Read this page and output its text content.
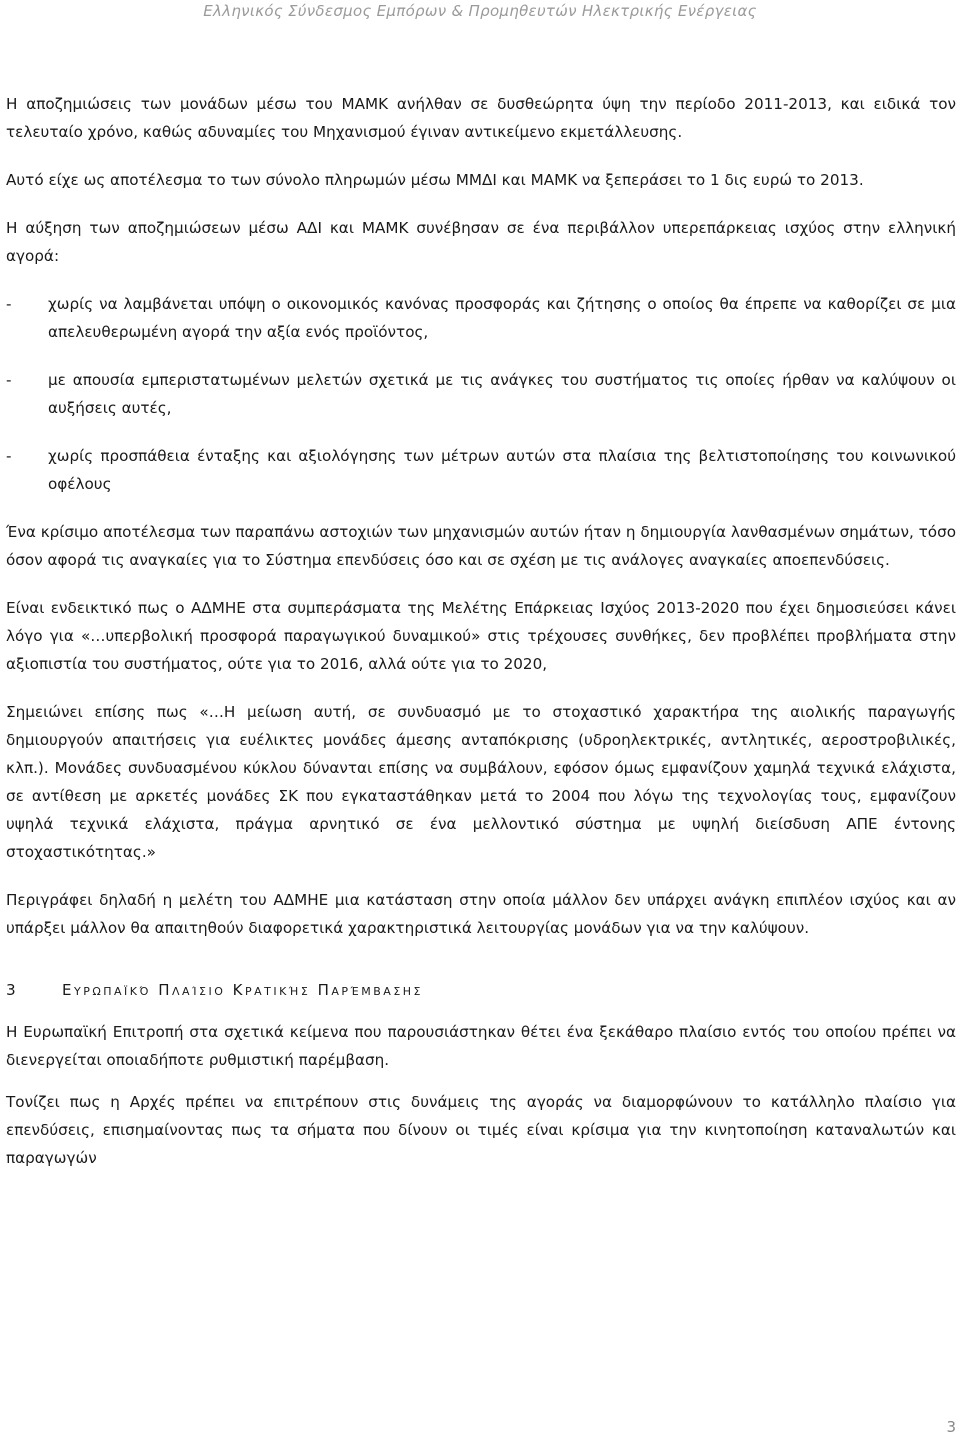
Ελληνικός Σύνδεσμος Εμπόρων & Προμηθευτών Ηλεκτρικής Ενέργειας

Η αποζημιώσεις των μονάδων μέσω του ΜΑΜΚ ανήλθαν σε δυσθεώρητα ύψη την περίοδο 2011-2013, και ειδικά τον τελευταίο χρόνο, καθώς αδυναμίες του Μηχανισμού έγιναν αντικείμενο εκμετάλλευσης.

Αυτό είχε ως αποτέλεσμα το των σύνολο πληρωμών μέσω ΜΜΔΙ και ΜΑΜΚ να ξεπεράσει το 1 δις ευρώ το 2013.

Η αύξηση των αποζημιώσεων μέσω ΑΔΙ και ΜΑΜΚ συνέβησαν σε ένα περιβάλλον υπερεπάρκειας ισχύος στην ελληνική αγορά:

-	χωρίς να λαμβάνεται υπόψη ο οικονομικός κανόνας προσφοράς και ζήτησης ο οποίος θα έπρεπε να καθορίζει σε μια απελευθερωμένη αγορά την αξία ενός προϊόντος,
-	με απουσία εμπεριστατωμένων μελετών σχετικά με τις ανάγκες του συστήματος τις οποίες ήρθαν να καλύψουν οι αυξήσεις αυτές,
-	χωρίς προσπάθεια ένταξης και αξιολόγησης των μέτρων αυτών στα πλαίσια της βελτιστοποίησης του κοινωνικού οφέλους

Ένα κρίσιμο αποτέλεσμα των παραπάνω αστοχιών των μηχανισμών αυτών ήταν η δημιουργία λανθασμένων σημάτων, τόσο όσον αφορά τις αναγκαίες για το Σύστημα επενδύσεις όσο και σε σχέση με τις ανάλογες αναγκαίες αποεπενδύσεις.

Είναι ενδεικτικό πως ο ΑΔΜΗΕ στα συμπεράσματα της Μελέτης Επάρκειας Ισχύος 2013-2020 που έχει δημοσιεύσει κάνει λόγο για «…υπερβολική προσφορά παραγωγικού δυναμικού» στις τρέχουσες συνθήκες, δεν προβλέπει προβλήματα στην αξιοπιστία του συστήματος, ούτε για το 2016, αλλά ούτε για το 2020,

Σημειώνει επίσης πως «…Η μείωση αυτή, σε συνδυασμό με το στοχαστικό χαρακτήρα της αιολικής παραγωγής δημιουργούν απαιτήσεις για ευέλικτες μονάδες άμεσης ανταπόκρισης (υδροηλεκτρικές, αντλητικές, αεροστροβιλικές, κλπ.). Μονάδες συνδυασμένου κύκλου δύνανται επίσης να συμβάλουν, εφόσον όμως εμφανίζουν χαμηλά τεχνικά ελάχιστα, σε αντίθεση με αρκετές μονάδες ΣΚ που εγκαταστάθηκαν μετά το 2004 που λόγω της τεχνολογίας τους, εμφανίζουν υψηλά τεχνικά ελάχιστα, πράγμα αρνητικό σε ένα μελλοντικό σύστημα με υψηλή διείσδυση ΑΠΕ έντονης στοχαστικότητας.»

Περιγράφει δηλαδή η μελέτη του ΑΔΜΗΕ μια κατάσταση στην οποία μάλλον δεν υπάρχει ανάγκη επιπλέον ισχύος και αν υπάρξει μάλλον θα απαιτηθούν διαφορετικά χαρακτηριστικά λειτουργίας μονάδων για να την καλύψουν.

3	Ευρωπαϊκό Πλαίσιο Κρατικής Παρέμβασης

Η Ευρωπαϊκή Επιτροπή στα σχετικά κείμενα που παρουσιάστηκαν θέτει ένα ξεκάθαρο πλαίσιο εντός του οποίου πρέπει να διενεργείται οποιαδήποτε ρυθμιστική παρέμβαση.

Τονίζει πως η Αρχές πρέπει να επιτρέπουν στις δυνάμεις της αγοράς να διαμορφώνουν το κατάλληλο πλαίσιο για επενδύσεις, επισημαίνοντας πως τα σήματα που δίνουν οι τιμές είναι κρίσιμα για την κινητοποίηση καταναλωτών και παραγωγών

3
